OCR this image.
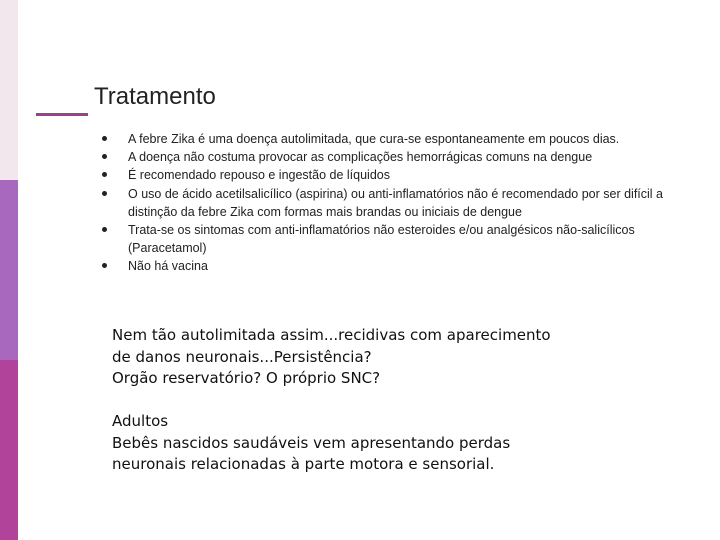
Tratamento
A febre Zika é uma doença autolimitada, que cura-se espontaneamente em poucos dias.
A doença não costuma provocar as complicações hemorrágicas comuns na dengue
É recomendado repouso e ingestão de líquidos
O uso de ácido acetilsalicílico (aspirina) ou anti-inflamatórios não é recomendado por ser difícil a distinção da febre Zika com formas mais brandas ou iniciais de dengue
Trata-se os sintomas com anti-inflamatórios não esteroides e/ou analgésicos não-salicílicos (Paracetamol)
Não há vacina

Nem tão autolimitada assim...recidivas com aparecimento

de danos neuronais...Persistência?

Orgão reservatório? O próprio SNC?

Adultos

Bebês nascidos saudáveis vem apresentando perdas

neuronais relacionadas à parte motora e sensorial.
